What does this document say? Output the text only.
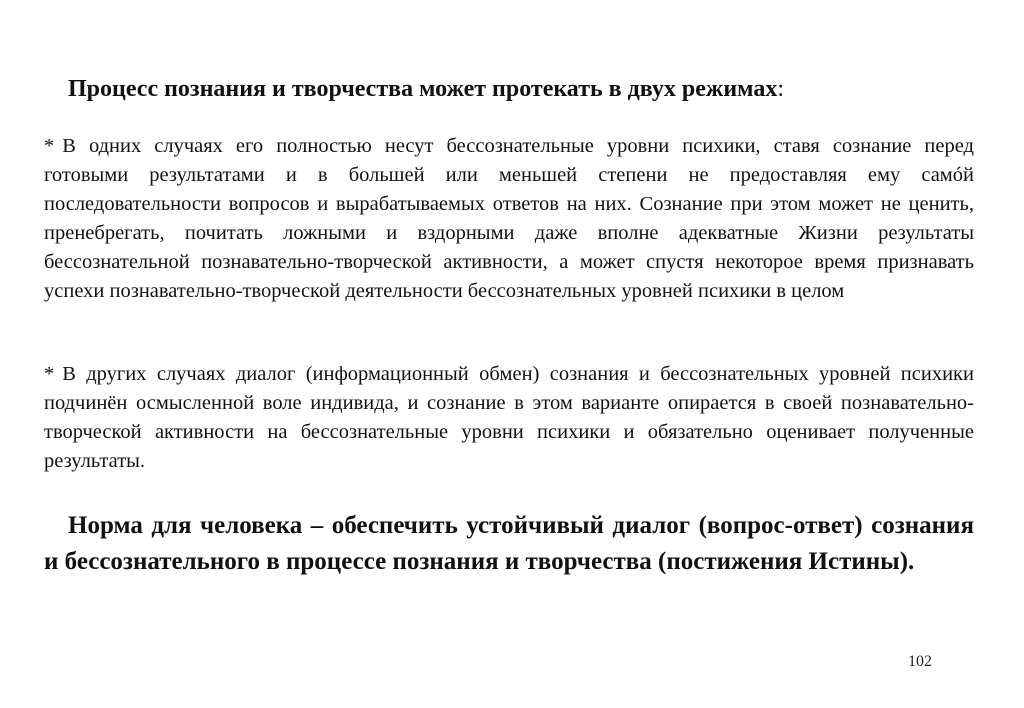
Процесс познания и творчества может протекать в двух режимах:

* В одних случаях его полностью несут бессознательные уровни психики, ставя сознание перед готовыми результатами и в большей или меньшей степени не предоставляя ему самóй последовательности вопросов и вырабатываемых ответов на них. Сознание при этом может не ценить, пренебрегать, почитать ложными и вздорными даже вполне адекватные Жизни результаты бессознательной познавательно-творческой активности, а может спустя некоторое время признавать успехи познавательно-творческой деятельности бессознательных уровней психики в целом

* В других случаях диалог (информационный обмен) сознания и бессознательных уровней психики подчинён осмысленной воле индивида, и сознание в этом варианте опирается в своей познавательно-творческой активности на бессознательные уровни психики и обязательно оценивает полученные результаты.

Норма для человека – обеспечить устойчивый диалог (вопрос-ответ) сознания и бессознательного в процессе познания и творчества (постижения Истины).

102
